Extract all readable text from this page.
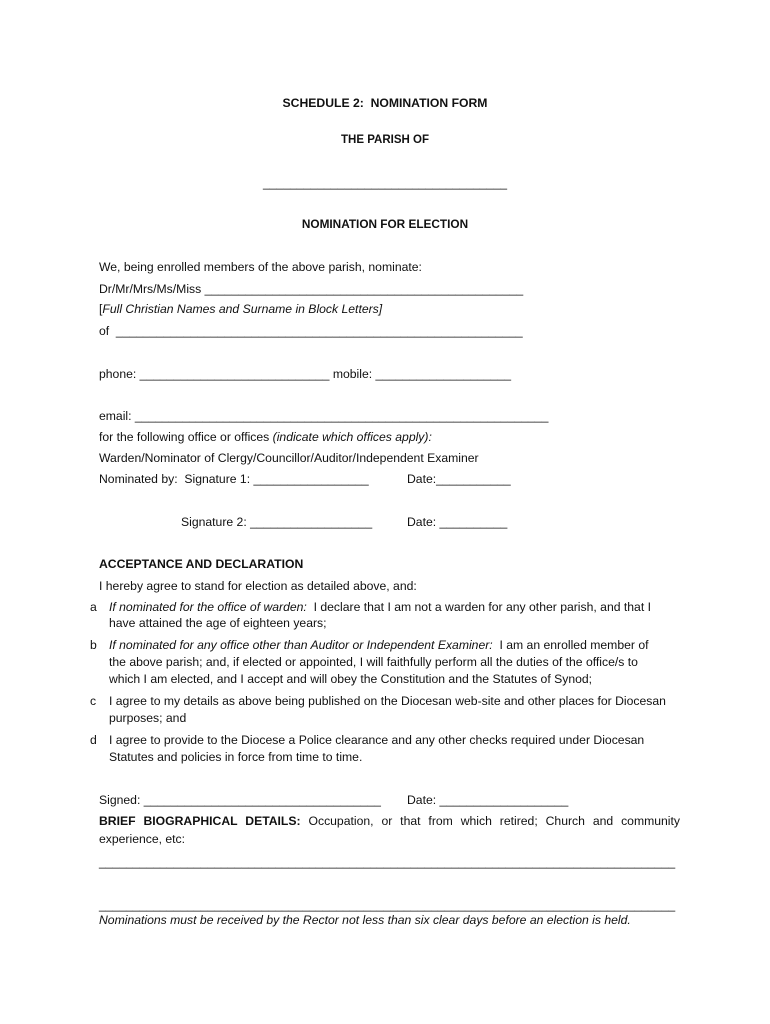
SCHEDULE 2:  NOMINATION FORM
THE PARISH OF
____________________________________
NOMINATION FOR ELECTION
We, being enrolled members of the above parish, nominate:
Dr/Mr/Mrs/Ms/Miss _______________________________________________
[Full Christian Names and Surname in Block Letters]
of  ____________________________________________________________
phone: ____________________________ mobile: ____________________
email: _____________________________________________________________
for the following office or offices (indicate which offices apply):
Warden/Nominator of Clergy/Councillor/Auditor/Independent Examiner
Nominated by:  Signature 1: _________________	Date:___________
Signature 2: __________________	Date: __________
ACCEPTANCE AND DECLARATION
I hereby agree to stand for election as detailed above, and:
a If nominated for the office of warden:  I declare that I am not a warden for any other parish, and that I
have attained the age of eighteen years;
b If nominated for any office other than Auditor or Independent Examiner:  I am an enrolled member of
the above parish; and, if elected or appointed, I will faithfully perform all the duties of the office/s to
which I am elected, and I accept and will obey the Constitution and the Statutes of Synod;
c I agree to my details as above being published on the Diocesan web-site and other places for Diocesan
purposes; and
d I agree to provide to the Diocese a Police clearance and any other checks required under Diocesan
Statutes and policies in force from time to time.
Signed: ___________________________________ Date: ___________________
BRIEF BIOGRAPHICAL DETAILS: Occupation, or that from which retired; Church and community
experience, etc:
_____________________________________________________________________________________
_____________________________________________________________________________________
Nominations must be received by the Rector not less than six clear days before an election is held.
